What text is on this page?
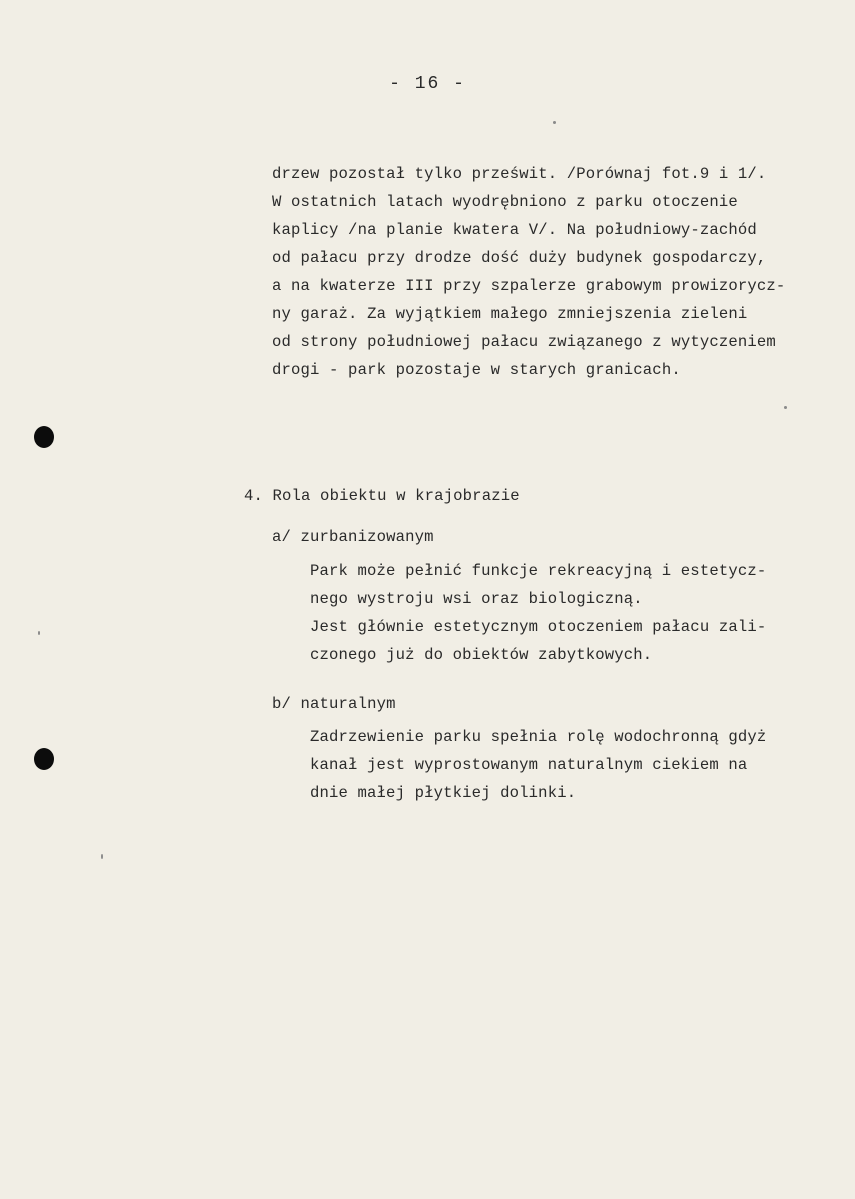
- 16 -
drzew pozostał tylko prześwit. /Porównaj fot.9 i 1/.
W ostatnich latach wyodrębniono z parku otoczenie
kaplicy /na planie kwatera V/. Na południowy-zachód
od pałacu przy drodze dość duży budynek gospodarczy,
a na kwaterze III przy szpalerze grabowym prowizorycz-
ny garaż. Za wyjątkiem małego zmniejszenia zieleni
od strony południowej pałacu związanego z wytyczeniem
drogi - park pozostaje w starych granicach.
4. Rola obiektu w krajobrazie
a/ zurbanizowanym
Park może pełnić funkcje rekreacyjną i estetycz-
nego wystroju wsi oraz biologiczną.
Jest głównie estetycznym otoczeniem pałacu zali-
czonego już do obiektów zabytkowych.
b/ naturalnym
Zadrzewienie parku spełnia rolę wodochronną gdyż
kanał jest wyprostowanym naturalnym ciekiem na
dnie małej płytkiej dolinki.
